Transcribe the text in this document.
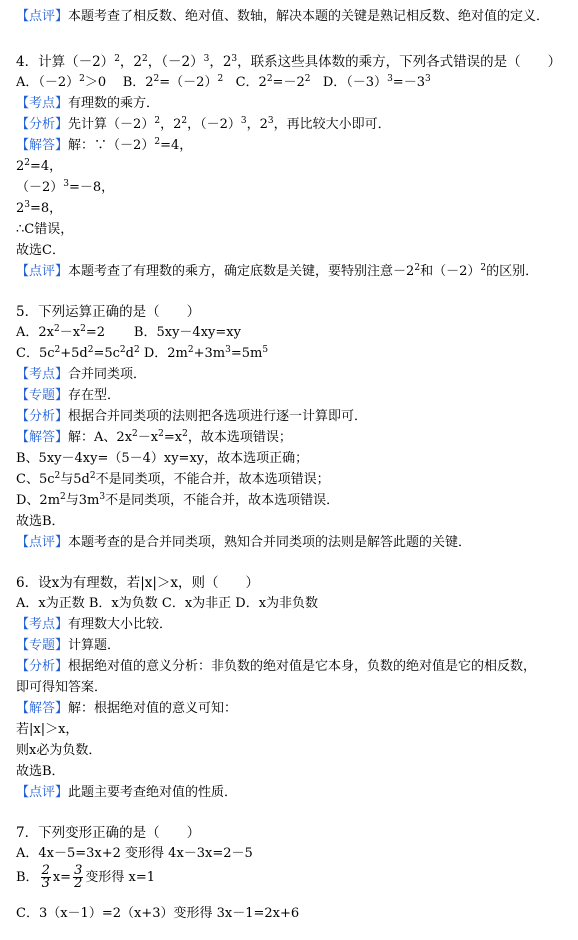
【点评】本题考查了相反数、绝对值、数轴，解决本题的关键是熟记相反数、绝对值的定义．
4．计算$(-2)^2$，$2^2$，$(-2)^3$，$2^3$，联系这些具体数的乘方，下列各式错误的是（　　）
A．$(-2)^2>0$ B．$2^2=(-2)^2$ C．$2^2=-2^2$ D．$(-3)^3=-3^3$
【考点】有理数的乘方．
【分析】先计算$(-2)^2$，$2^2$，$(-2)^3$，$2^3$，再比较大小即可．
【解答】解：$\because(-2)^2=4$，
$2^2=4$，
$(-2)^3=-8$，
$2^3=8$，
∴C错误，
故选C．
【点评】本题考查了有理数的乘方，确定底数是关键，要特别注意$-2^2$和$(-2)^2$的区别．
5．下列运算正确的是（　　）
A．$2x^2-x^2=2$ B．5xy－4xy=xy
C．$5c^2+5d^2=5c^2d^2$ D．$2m^2+3m^3=5m^5$
【考点】合并同类项．
【专题】存在型．
【分析】根据合并同类项的法则把各选项进行逐一计算即可．
【解答】解：A、$2x^2-x^2=x^2$，故本选项错误；
B、5xy－4xy=（5－4）xy=xy，故本选项正确；
C、$5c^2$与$5d^2$不是同类项，不能合并，故本选项错误；
D、$2m^2$与$3m^3$不是同类项，不能合并，故本选项错误．
故选B．
【点评】本题考查的是合并同类项，熟知合并同类项的法则是解答此题的关键．
6．设x为有理数，若|x|＞x，则（　　）
A．x为正数 B．x为负数 C．x为非正 D．x为非负数
【考点】有理数大小比较．
【专题】计算题．
【分析】根据绝对值的意义分析：非负数的绝对值是它本身，负数的绝对值是它的相反数，
即可得知答案．
【解答】解：根据绝对值的意义可知：
若|x|＞x，
则x必为负数．
故选B．
【点评】此题主要考查绝对值的性质．
7．下列变形正确的是（　　）
A．4x－5=3x+2 变形得 4x－3x=2－5
B． $\frac{2}{3} x= \frac{3}{2}$ 变形得 x=1
C．3（x－1）=2（x+3）变形得 3x－1=2x+6
